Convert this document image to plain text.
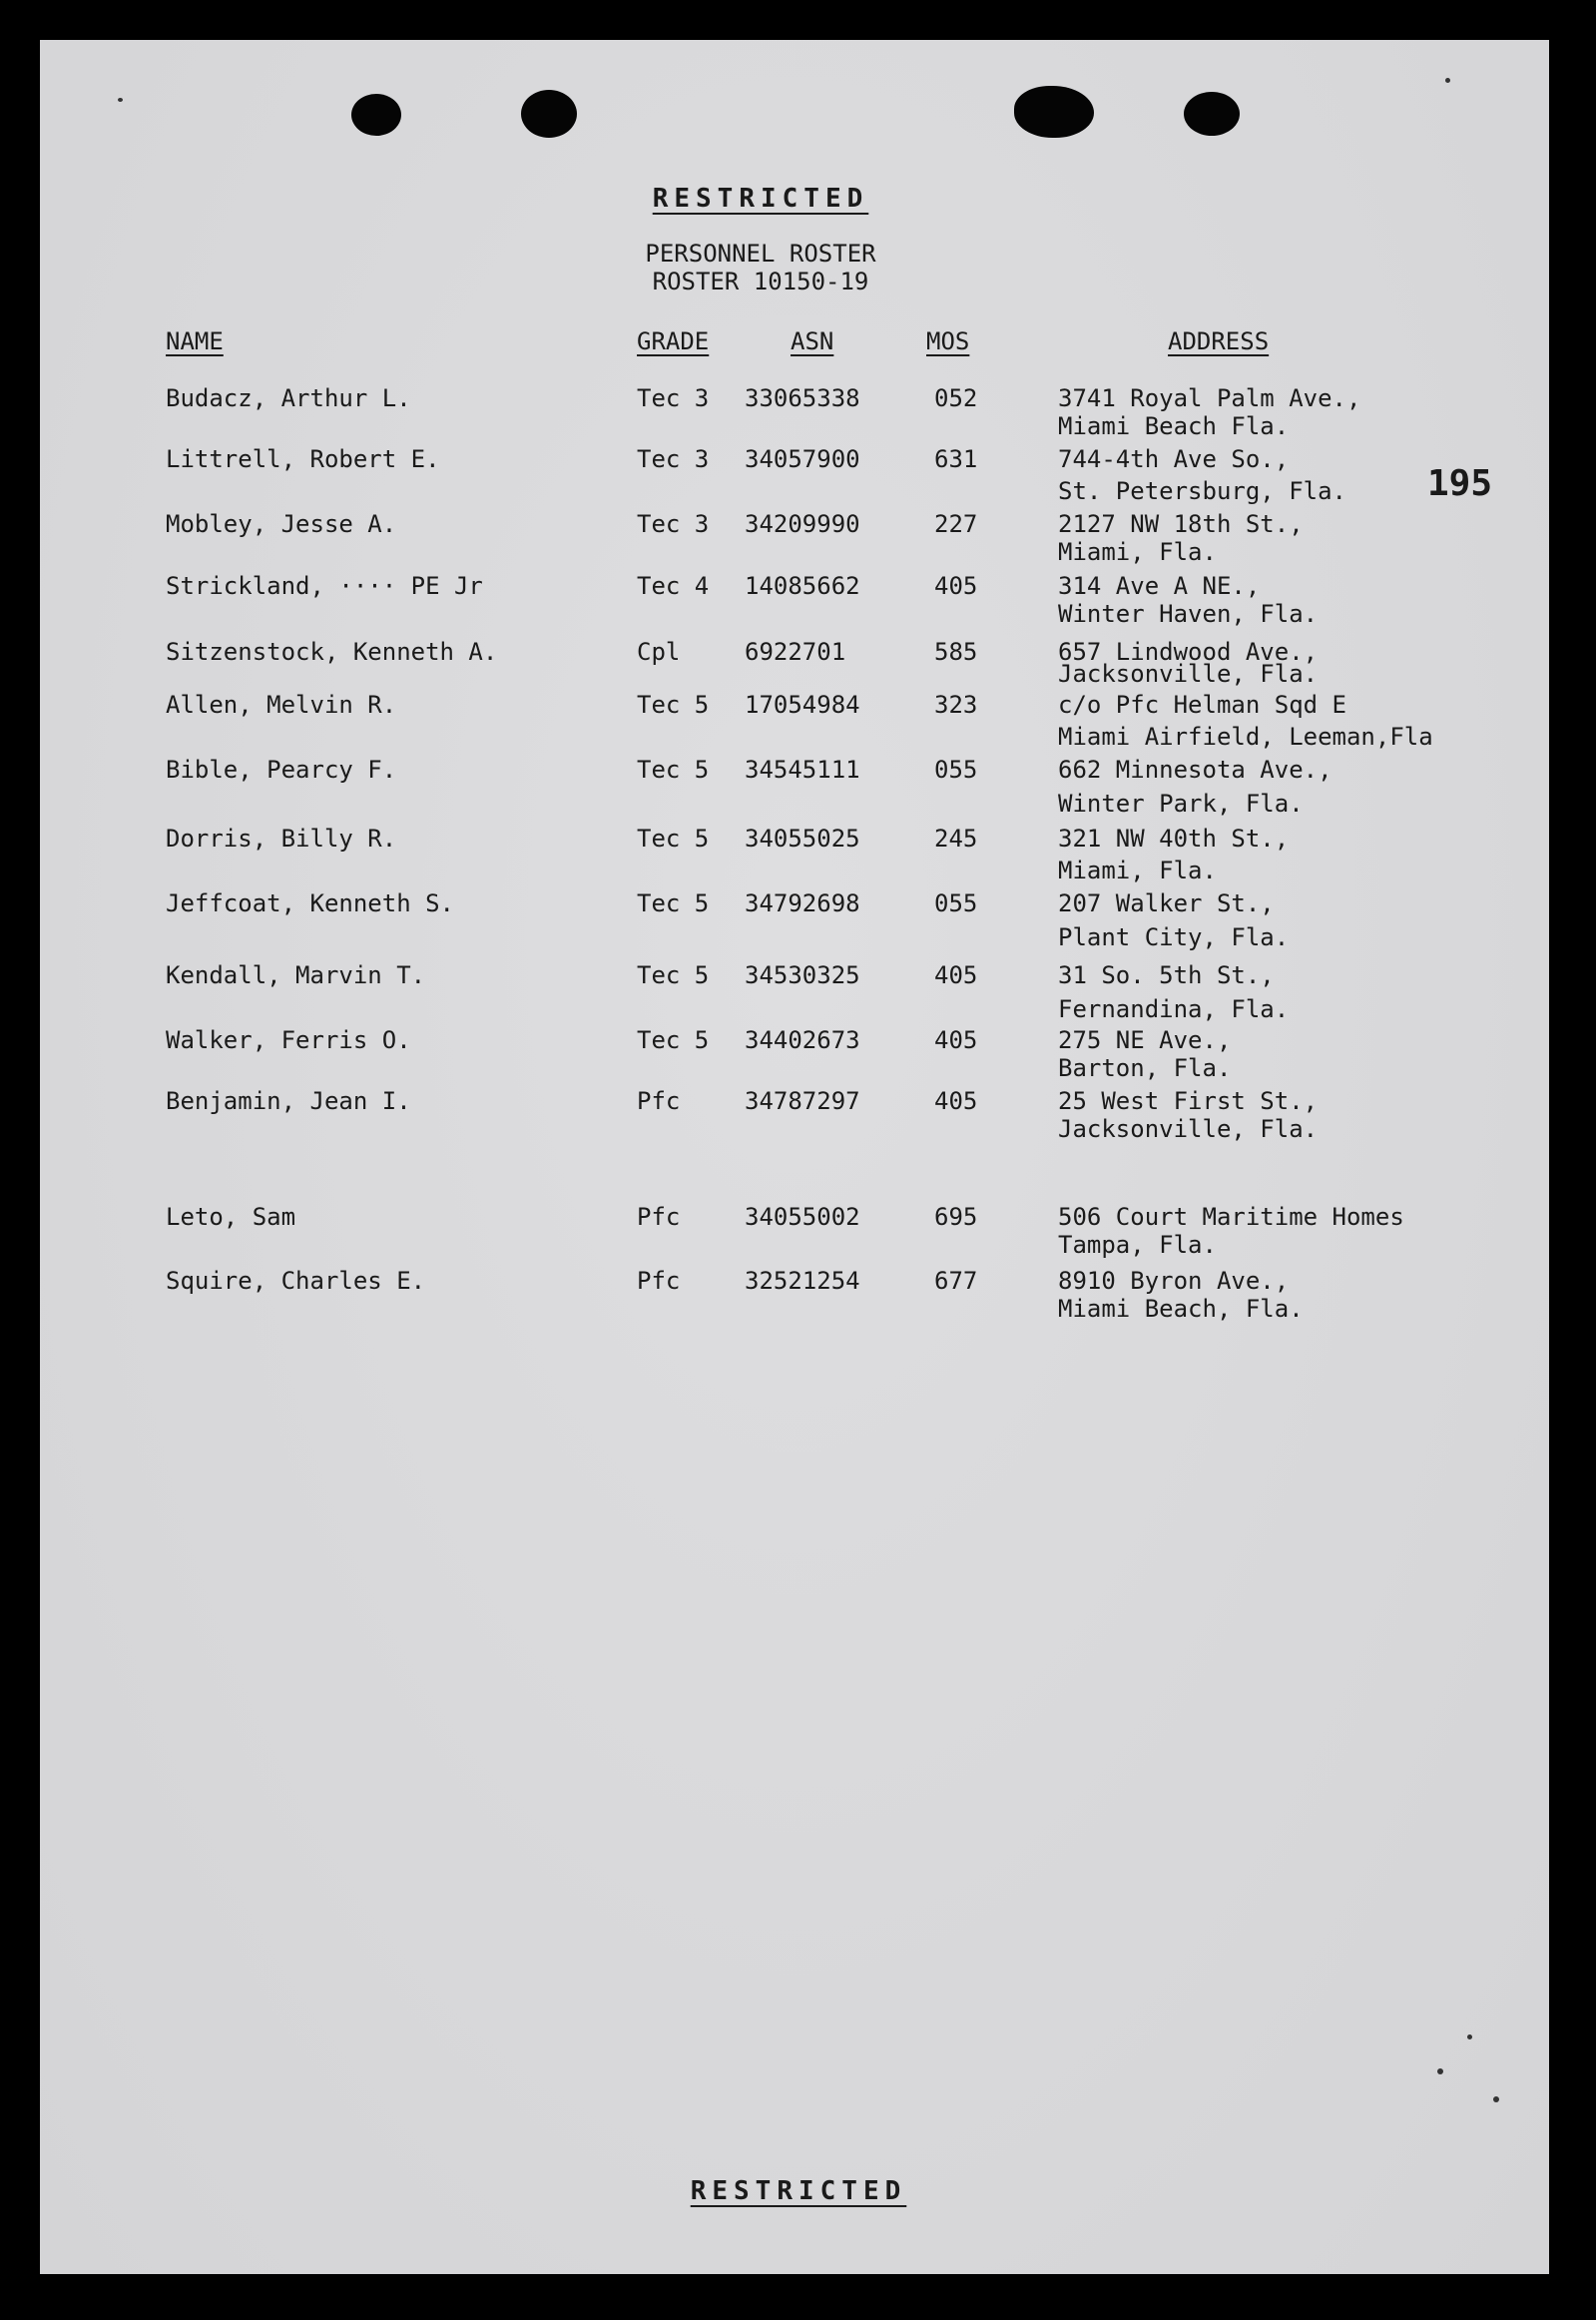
RESTRICTED
PERSONNEL ROSTER
ROSTER 10150-19
NAME	GRADE	ASN	MOS	ADDRESS
195
Budacz, Arthur L.	Tec 3 33065338	052	3741 Royal Palm Ave.,
Miami Beach Fla.
Littrell, Robert E.	Tec 3 34057900	631	744-4th Ave So.,
St. Petersburg, Fla.
Mobley, Jesse A.	Tec 3 34209990	227	2127 NW 18th St.,
Miami, Fla.
Strickland, ···· PE Jr	Tec 4 14085662	405	314 Ave A NE.,
Winter Haven, Fla.
Sitzenstock, Kenneth A.	Cpl	6922701	585	657 Lindwood Ave.,
Jacksonville, Fla.
Allen, Melvin R.	Tec 5 17054984	323	c/o Pfc Helman Sqd E
Miami Airfield, Leeman,Fla
Bible, Pearcy F.	Tec 5 34545111	055	662 Minnesota Ave.,
Winter Park, Fla.
Dorris, Billy R.	Tec 5 34055025	245	321 NW 40th St.,
Miami, Fla.
Jeffcoat, Kenneth S.	Tec 5 34792698	055	207 Walker St.,
Plant City, Fla.
Kendall, Marvin T.	Tec 5 34530325	405	31 So. 5th St.,
Fernandina, Fla.
Walker, Ferris O.	Tec 5 34402673	405	275 NE Ave.,
Barton, Fla.
Benjamin, Jean I.	Pfc	34787297	405	25 West First St.,
Jacksonville, Fla.
Leto, Sam	Pfc	34055002	695	506 Court Maritime Homes
Tampa, Fla.
Squire, Charles E.	Pfc	32521254	677	8910 Byron Ave.,
Miami Beach, Fla.
RESTRICTED
